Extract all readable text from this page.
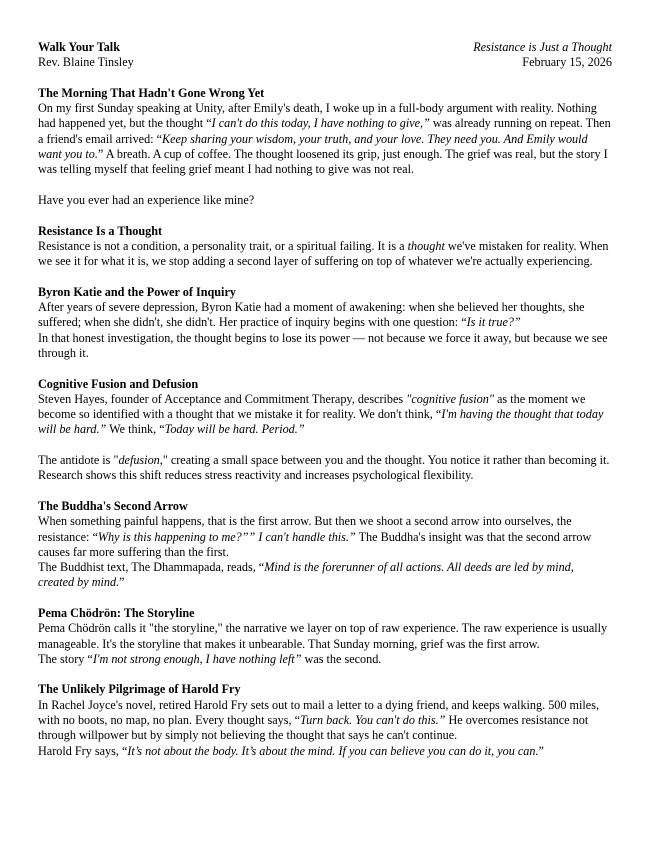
Walk Your Talk	Resistance is Just a Thought
Rev. Blaine Tinsley	February 15, 2026
The Morning That Hadn't Gone Wrong Yet

On my first Sunday speaking at Unity, after Emily's death, I woke up in a full-body argument with reality. Nothing had happened yet, but the thought “I can't do this today, I have nothing to give,” was already running on repeat. Then a friend's email arrived: “Keep sharing your wisdom, your truth, and your love. They need you. And Emily would want you to.” A breath. A cup of coffee. The thought loosened its grip, just enough. The grief was real, but the story I was telling myself that feeling grief meant I had nothing to give was not real.

Have you ever had an experience like mine?

Resistance Is a Thought

Resistance is not a condition, a personality trait, or a spiritual failing. It is a thought we've mistaken for reality. When we see it for what it is, we stop adding a second layer of suffering on top of whatever we're actually experiencing.

Byron Katie and the Power of Inquiry

After years of severe depression, Byron Katie had a moment of awakening: when she believed her thoughts, she suffered; when she didn't, she didn't. Her practice of inquiry begins with one question: “Is it true?”

In that honest investigation, the thought begins to lose its power — not because we force it away, but because we see through it.

Cognitive Fusion and Defusion

Steven Hayes, founder of Acceptance and Commitment Therapy, describes "cognitive fusion" as the moment we become so identified with a thought that we mistake it for reality. We don't think, “I'm having the thought that today will be hard.” We think, “Today will be hard. Period.”

The antidote is "defusion," creating a small space between you and the thought. You notice it rather than becoming it. Research shows this shift reduces stress reactivity and increases psychological flexibility.

The Buddha's Second Arrow

When something painful happens, that is the first arrow. But then we shoot a second arrow into ourselves, the resistance: “Why is this happening to me?”” I can't handle this.” The Buddha's insight was that the second arrow causes far more suffering than the first.

The Buddhist text, The Dhammapada, reads, “Mind is the forerunner of all actions. All deeds are led by mind, created by mind.”

Pema Chödrön: The Storyline

Pema Chödrön calls it "the storyline," the narrative we layer on top of raw experience. The raw experience is usually manageable. It's the storyline that makes it unbearable. That Sunday morning, grief was the first arrow.

The story “I'm not strong enough, I have nothing left” was the second.

The Unlikely Pilgrimage of Harold Fry

In Rachel Joyce's novel, retired Harold Fry sets out to mail a letter to a dying friend, and keeps walking. 500 miles, with no boots, no map, no plan. Every thought says, “Turn back. You can't do this.” He overcomes resistance not through willpower but by simply not believing the thought that says he can't continue.

Harold Fry says, “It’s not about the body. It’s about the mind. If you can believe you can do it, you can.”
